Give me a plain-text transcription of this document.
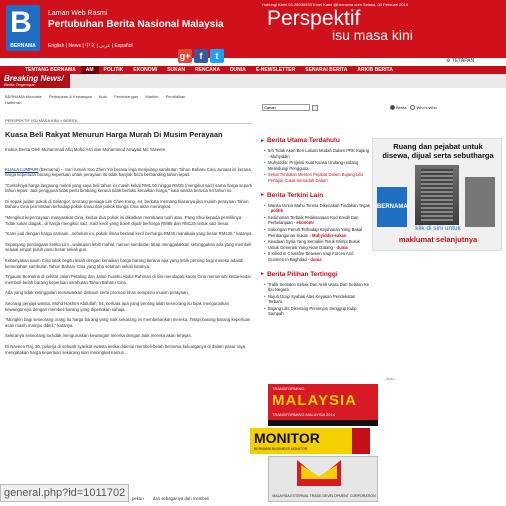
B
BERNAMA
Laman Web Rasmi
Pertubuhan Berita Nasional Malaysia
English | News | 中文 | عربي | Español
g+	f	t
Hubungi Kami 03-26939933 Emel Kami @bernama.com Selasa, 04 Februari 2014
Perspektif
isu masa kini
⚙ TETAPAN
TENTANG BERNAMA	AM	POLITIK	EKONOMI	SUKAN	RENCANA	DUNIA	E-NEWSLETTER	SENARAI BERITA	ARKIB BERITA
Breaking News/
Berita Tergempar
BERNAMA Microsite Perbankan & Kewangan Auto Penerbangan Maritim Pendidikan
Halterrah
Carian
Berita	Who's Who
PERSPEKTIF ISU MASA KINI > BERITA
Kuasa Beli Rakyat Menurun Harga Murah Di Musim Perayaan
Inokus Berita Oleh Muhammad Afiq Mohd Asri dan Mohammed Anwyad Md Yaseem
KUALA LUMPUR (Bernama) -- Suri rumah Soo Zhen Yin berasa lega menjelang sambutan Tahun Baharu Cina Jumaat ini kerana harga keperluan barang keperluan untuk perayaan itu tidak banyak beza berbanding tahun lepas.
"Contohnya harga langsung meleti yang saya beli tahun ini masih kekal RM1.50 hingga RM25 (mengikut saiz) sama harga seperti tahun lepas. Jadi pengguna tidak perlu bimbang kerana tidak berlaku kenaikan harga," kata wanita berusia 54 tahun ini.
Di sepak jualan pokok di Selangor, seorang peniaga Lim Chee Kong, 44, berkata memang biasanya jika musim perayaan Tahun Baharu Cina permintaan terhadap pokok limau dan pokok Bunga Cina akan meningkat.
"Mengikut kepercayaan masyarakat Cina, kedua-dua pokok ini dikaitkan membawa tuah atau. Pang Shui kepada pemiliknya. Tidak sukar diagak...di harga mengikut saiz. Saiz kecil yang boleh dijual berharga RM85 dan RM125 untuk saiz besar.
"Kami jual dengan harga samaan...sebelum ini, pokok limau berasal kecil berharga RM35 manakala yang besar RM125," katanya.
Sepanjang perniagaan ketika Lim...walaupun lebih mahal, namun sambutan tetap menggalakkan sehinggakan ada yang membeli seawal empat puluh pasu besar sekali gus.
Kebanyakan kaum Cina tidak begitu kisah dengan kenaikan harga barang kerana apa yang lebih penting bagi mereka adalah kemeriahan sambutan Tahun Baharu Cina yang tiba setahun sekali katanya.
Tinjauan Bernama di sekitar Jalan Petaling dan Jalan Tuanku Abdul Rahman di sini mendapati kaum Cina memenuhi kedai-kedai membeli-belah barang keperluan sambutan Tahun Baharu Cina.
Ada yang tidak ketinggalan menawarkan diskaun serta promosi khas sempena musim perayaan.
Seorang penjaja wanita, Mohd Hashim Abdullah, 54, berkata apa yang penting ialah seseorang itu bijak menguruskan kewangannya dengan membeli barang yang diperlukan sahaja.
"Mungkin bagi seseorang orang itu harga barang yang naik sekarang ini membebankan mereka. Tetapi barang-barang keperluan asas masih mampu dibeli," katanya.
Sekiranya seseorang itu tidak menguruskan kewangan mereka dengan baik mereka akan terjejas.
Di Naveen Raj, 30, pekerja di sebuah syarikat swasta ketika ditemui membeli-belah bersama keluarganya di dalam pasar raya mengatakan harga keperluan sekarang kian meningkat namun...
► Berita Utama Terdahulu
• 6/4 Tidak Akan Beri Laluan Mudah Dalam PRK Kajang - Muhyiddin
• Muhyiddin: Projeksi Kuat Kuasa Undang-undang Melindungi Pengguna
• Sekat Timbalan Menteri Pejabat Dalam Bujang Lilis Pertajuk Cukai Semadah Dalam
► Berita Terkini Lain
• Wanita Umno Mahu Teresa Dikenakan Tindakan Tegas - politik
• Kesimonan Terbaik Pelaksanaan Kod Kredit Dan Perbelanjaan - ekonomi
• Sokongan Penuh Terhadap Kejohanan Yang Bakal Pembangunan Sukan - Muhyiddin-sukan
• Keadaan Syria Yang Semakin Teruk Wimpi Buruk Untuk Generasi Yang Akan Datang - dunia
• 5 Killed In Crossfire Between Iraqi Forces And Gunmen In Baghdad - dunia
► Berita Pilihan Tertinggi
• Trafik Semakin Sesak Dari Arah Utara Dan Selatan Ke Ibu Negara
• Nujuh Ucap Syabas Atas Keyasan Pendekatan Terbaru
• Bujang Lilis Dikenang Pemimpin Senggup Kulip Sampah
Ruang dan pejabat untuk disewa, dijual serta sebutharga
BERNAMA
klik di sini untuk
maklumat selanjutnya
- iklan -
TRANSFORMING
MALAYSIA
TRANSFORMING MALAYSIA 2014
MONITOR
BERNAMA BUSINESS MONITOR
MALAYSIA EXTERNAL TRADE DEVELOPMENT CORPORATION
pekan dan sebagainya dan membeli
general.php?id=1011702
